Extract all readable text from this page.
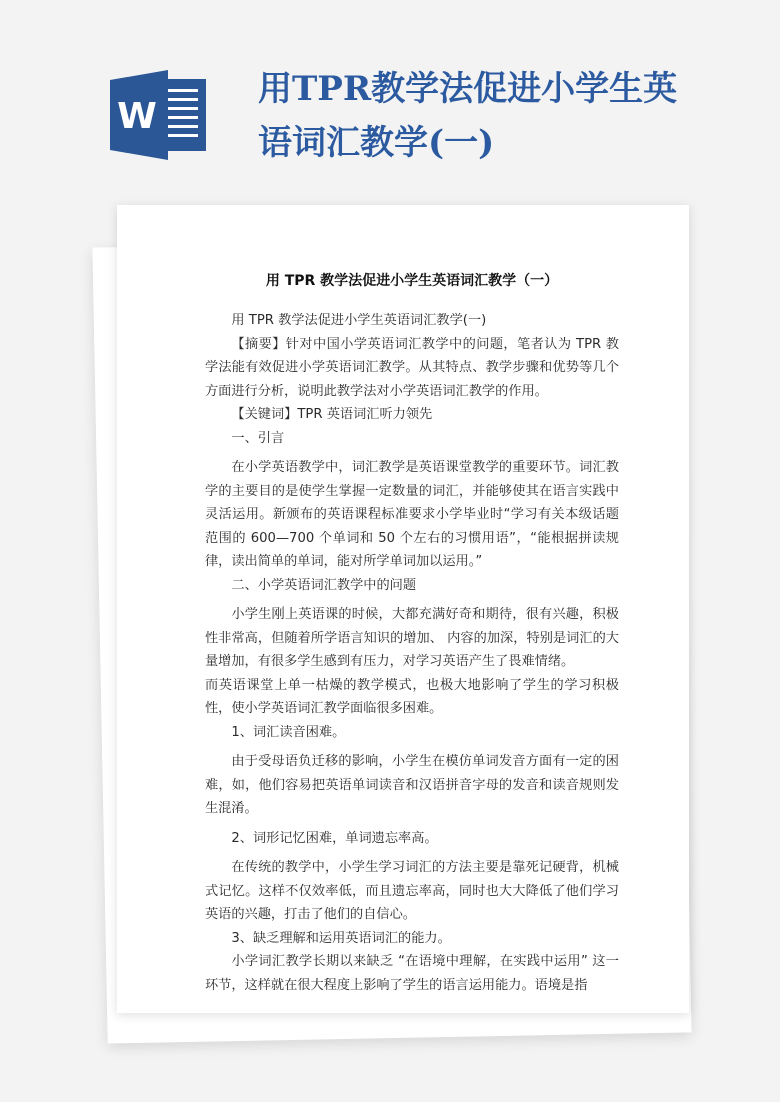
W
用TPR教学法促进小学生英
语词汇教学(一)
用 TPR 教学法促进小学生英语词汇教学（一）

用 TPR 教学法促进小学生英语词汇教学(一)

【摘要】针对中国小学英语词汇教学中的问题，笔者认为 TPR 教学法能有效促进小学英语词汇教学。从其特点、教学步骤和优势等几个方面进行分析，说明此教学法对小学英语词汇教学的作用。

【关键词】TPR 英语词汇听力领先

一、引言

在小学英语教学中，词汇教学是英语课堂教学的重要环节。词汇教学的主要目的是使学生掌握一定数量的词汇，并能够使其在语言实践中灵活运用。新颁布的英语课程标准要求小学毕业时“学习有关本级话题范围的 600—700 个单词和 50 个左右的习惯用语”，“能根据拼读规律，读出简单的单词，能对所学单词加以运用。”

二、小学英语词汇教学中的问题

小学生刚上英语课的时候，大都充满好奇和期待，很有兴趣，积极性非常高，但随着所学语言知识的增加、 内容的加深，特别是词汇的大量增加，有很多学生感到有压力，对学习英语产生了畏难情绪。

而英语课堂上单一枯燥的教学模式，也极大地影响了学生的学习积极性，使小学英语词汇教学面临很多困难。

1、词汇读音困难。

由于受母语负迁移的影响，小学生在模仿单词发音方面有一定的困难，如，他们容易把英语单词读音和汉语拼音字母的发音和读音规则发生混淆。

2、词形记忆困难，单词遗忘率高。

在传统的教学中，小学生学习词汇的方法主要是靠死记硬背，机械式记忆。这样不仅效率低，而且遗忘率高，同时也大大降低了他们学习英语的兴趣，打击了他们的自信心。

3、缺乏理解和运用英语词汇的能力。

小学词汇教学长期以来缺乏 “在语境中理解，在实践中运用” 这一环节，这样就在很大程度上影响了学生的语言运用能力。语境是指
